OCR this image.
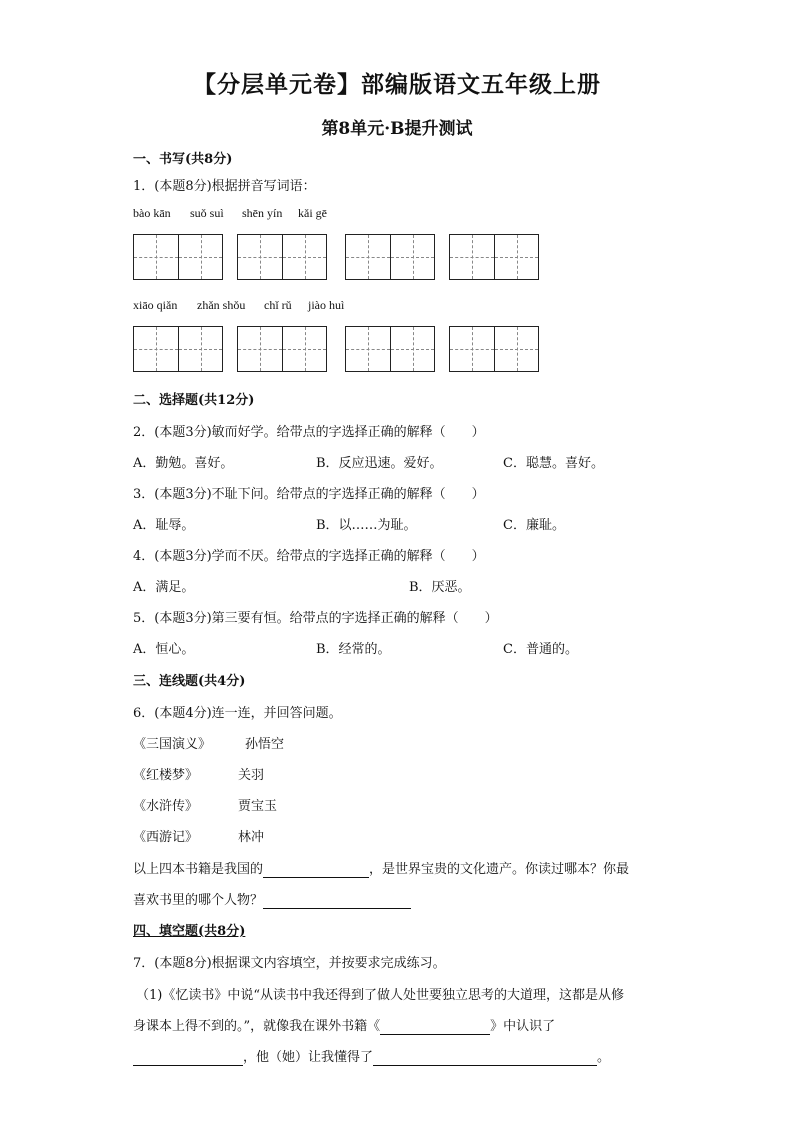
【分层单元卷】部编版语文五年级上册
第8单元·B提升测试
一、书写(共8分)
1．(本题8分)根据拼音写词语：
bào kān suǒ suì shēn yín kǎi gē
xiāo qiǎn zhǎn shǒu chǐ rǔ jiào huì
二、选择题(共12分)
2．(本题3分)敏而好学。给带点的字选择正确的解释（　　）
A．勤勉。喜好。	B．反应迅速。爱好。	C．聪慧。喜好。
3．(本题3分)不耻下问。给带点的字选择正确的解释（　　）
A．耻辱。	B．以……为耻。	C．廉耻。
4．(本题3分)学而不厌。给带点的字选择正确的解释（　　）
A．满足。	B．厌恶。
5．(本题3分)第三要有恒。给带点的字选择正确的解释（　　）
A．恒心。	B．经常的。	C．普通的。
三、连线题(共4分)
6．(本题4分)连一连，并回答问题。
《三国演义》	孙悟空
《红楼梦》	关羽
《水浒传》	贾宝玉
《西游记》	林冲
以上四本书籍是我国的	，是世界宝贵的文化遗产。你读过哪本？你最
喜欢书里的哪个人物？
四、填空题(共8分)
7．(本题8分)根据课文内容填空，并按要求完成练习。
（1)《忆读书》中说“从读书中我还得到了做人处世要独立思考的大道理，这都是从修
身课本上得不到的。”，就像我在课外书籍《	》中认识了
，他（她）让我懂得了	。
